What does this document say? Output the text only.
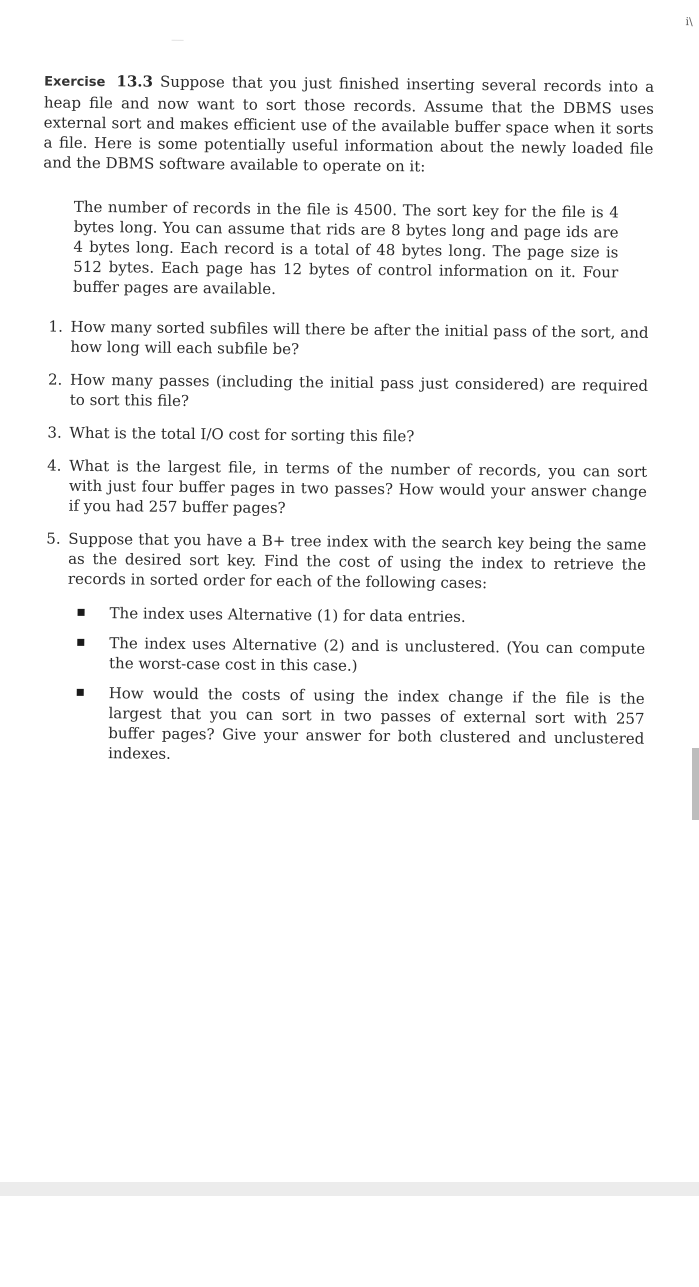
i\
Exercise 13.3 Suppose that you just finished inserting several records into a heap file and now want to sort those records. Assume that the DBMS uses external sort and makes efficient use of the available buffer space when it sorts a file. Here is some potentially useful information about the newly loaded file and the DBMS software available to operate on it:
The number of records in the file is 4500. The sort key for the file is 4 bytes long. You can assume that rids are 8 bytes long and page ids are 4 bytes long. Each record is a total of 48 bytes long. The page size is 512 bytes. Each page has 12 bytes of control information on it. Four buffer pages are available.
1. How many sorted subfiles will there be after the initial pass of the sort, and how long will each subfile be?
2. How many passes (including the initial pass just considered) are required to sort this file?
3. What is the total I/O cost for sorting this file?
4. What is the largest file, in terms of the number of records, you can sort with just four buffer pages in two passes? How would your answer change if you had 257 buffer pages?
5. Suppose that you have a B+ tree index with the search key being the same as the desired sort key. Find the cost of using the index to retrieve the records in sorted order for each of the following cases:
The index uses Alternative (1) for data entries.
The index uses Alternative (2) and is unclustered. (You can compute the worst-case cost in this case.)
How would the costs of using the index change if the file is the largest that you can sort in two passes of external sort with 257 buffer pages? Give your answer for both clustered and unclustered indexes.
